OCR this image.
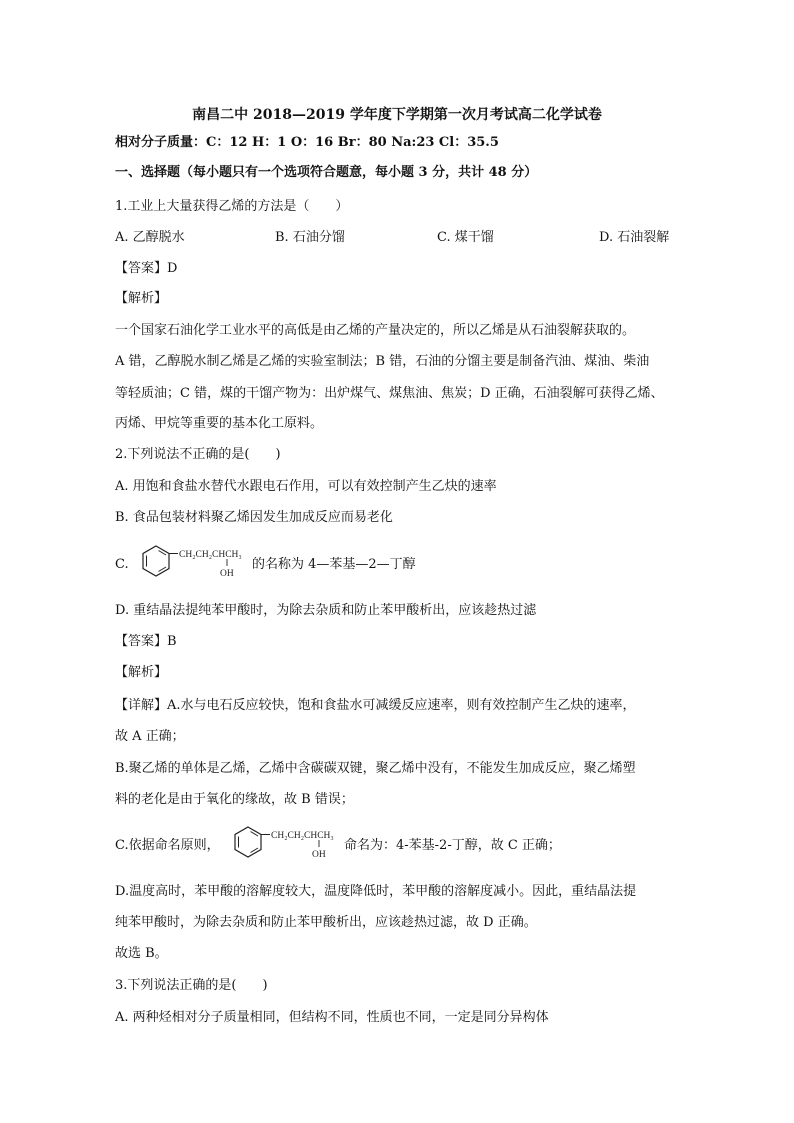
南昌二中 2018—2019 学年度下学期第一次月考试高二化学试卷
相对分子质量：C：12 H：1 O：16 Br：80 Na:23 Cl：35.5
一、选择题（每小题只有一个选项符合题意，每小题 3 分，共计 48 分）
1.工业上大量获得乙烯的方法是（　　）
A. 乙醇脱水	B. 石油分馏	C. 煤干馏	D. 石油裂解
【答案】D
【解析】
一个国家石油化学工业水平的高低是由乙烯的产量决定的，所以乙烯是从石油裂解获取的。
A 错，乙醇脱水制乙烯是乙烯的实验室制法；B 错，石油的分馏主要是制备汽油、煤油、柴油
等轻质油；C 错，煤的干馏产物为：出炉煤气、煤焦油、焦炭；D 正确，石油裂解可获得乙烯、
丙烯、甲烷等重要的基本化工原料。
2.下列说法不正确的是(　　)
A. 用饱和食盐水替代水跟电石作用，可以有效控制产生乙炔的速率
B. 食品包装材料聚乙烯因发生加成反应而易老化
C.
CH₂CH₂CHCH₃
OH
的名称为 4—苯基—2—丁醇
D. 重结晶法提纯苯甲酸时，为除去杂质和防止苯甲酸析出，应该趁热过滤
【答案】B
【解析】
【详解】A.水与电石反应较快，饱和食盐水可减缓反应速率，则有效控制产生乙炔的速率，
故 A 正确；
B.聚乙烯的单体是乙烯，乙烯中含碳碳双键，聚乙烯中没有，不能发生加成反应，聚乙烯塑
料的老化是由于氧化的缘故，故 B 错误；
C.依据命名原则，
CH₂CH₂CHCH₃
OH
命名为：4-苯基-2-丁醇，故 C 正确；
D.温度高时，苯甲酸的溶解度较大，温度降低时，苯甲酸的溶解度减小。因此，重结晶法提
纯苯甲酸时，为除去杂质和防止苯甲酸析出，应该趁热过滤，故 D 正确。
故选 B。
3.下列说法正确的是(　　)
A. 两种烃相对分子质量相同，但结构不同，性质也不同，一定是同分异构体
